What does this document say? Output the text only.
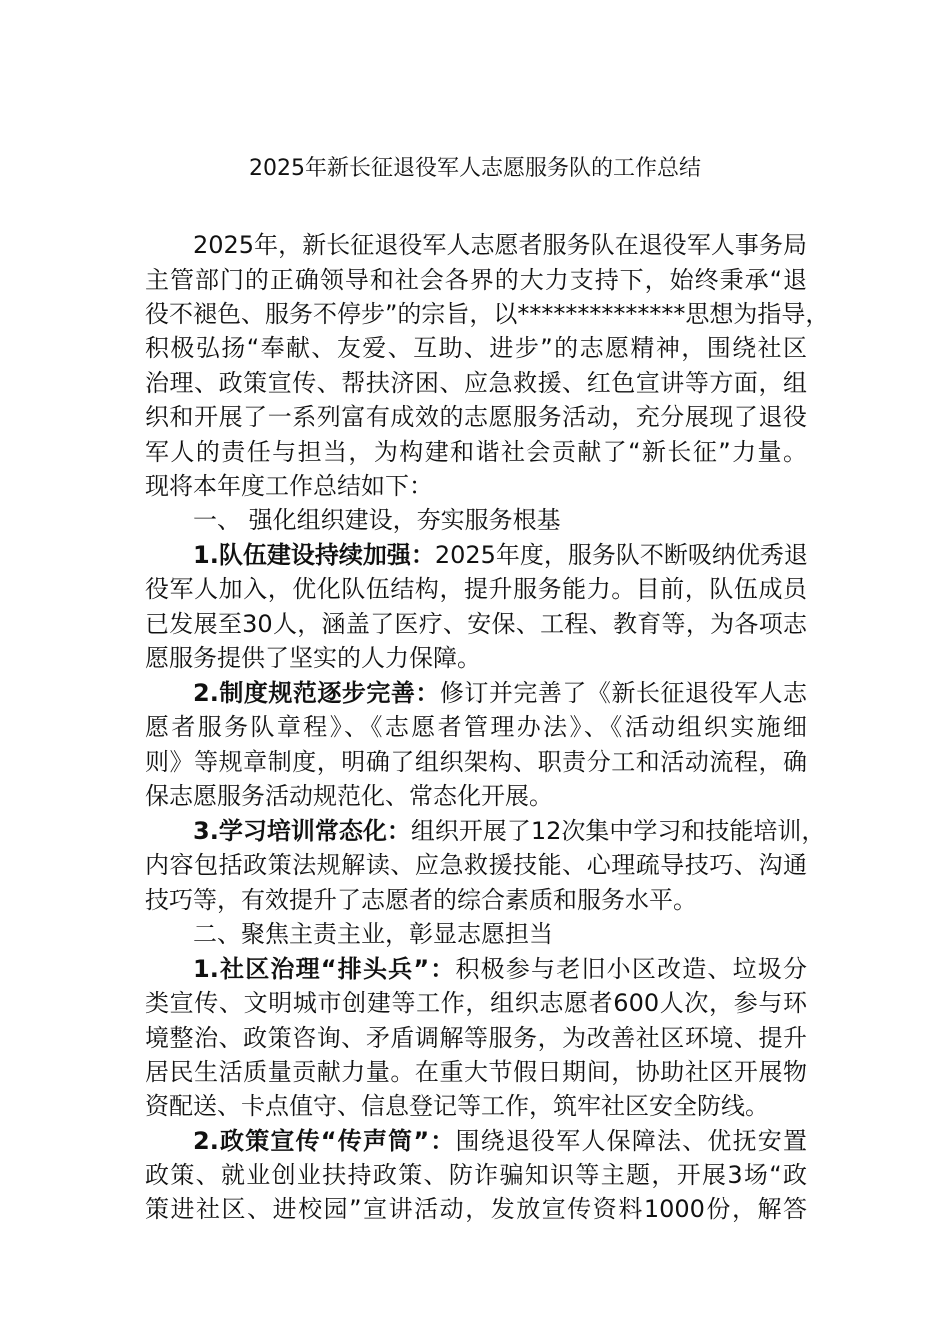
2025年新长征退役军人志愿服务队的工作总结
2025年，新长征退役军人志愿者服务队在退役军人事务局
主管部门的正确领导和社会各界的大力支持下，始终秉承“退
役不褪色、服务不停步”的宗旨，以**************思想为指导，
积极弘扬“奉献、友爱、互助、进步”的志愿精神，围绕社区
治理、政策宣传、帮扶济困、应急救援、红色宣讲等方面，组
织和开展了一系列富有成效的志愿服务活动，充分展现了退役
军人的责任与担当，为构建和谐社会贡献了“新长征”力量。
现将本年度工作总结如下：
一、 强化组织建设，夯实服务根基
1.队伍建设持续加强：2025年度，服务队不断吸纳优秀退
役军人加入，优化队伍结构，提升服务能力。目前，队伍成员
已发展至30人，涵盖了医疗、安保、工程、教育等，为各项志
愿服务提供了坚实的人力保障。
2.制度规范逐步完善：修订并完善了《新长征退役军人志
愿者服务队章程》、《志愿者管理办法》、《活动组织实施细
则》等规章制度，明确了组织架构、职责分工和活动流程，确
保志愿服务活动规范化、常态化开展。
3.学习培训常态化：组织开展了12次集中学习和技能培训，
内容包括政策法规解读、应急救援技能、心理疏导技巧、沟通
技巧等，有效提升了志愿者的综合素质和服务水平。
二、聚焦主责主业，彰显志愿担当
1.社区治理“排头兵”：积极参与老旧小区改造、垃圾分
类宣传、文明城市创建等工作，组织志愿者600人次，参与环
境整治、政策咨询、矛盾调解等服务，为改善社区环境、提升
居民生活质量贡献力量。在重大节假日期间，协助社区开展物
资配送、卡点值守、信息登记等工作，筑牢社区安全防线。
2.政策宣传“传声筒”：围绕退役军人保障法、优抚安置
政策、就业创业扶持政策、防诈骗知识等主题，开展3场“政
策进社区、进校园”宣讲活动，发放宣传资料1000份，解答
